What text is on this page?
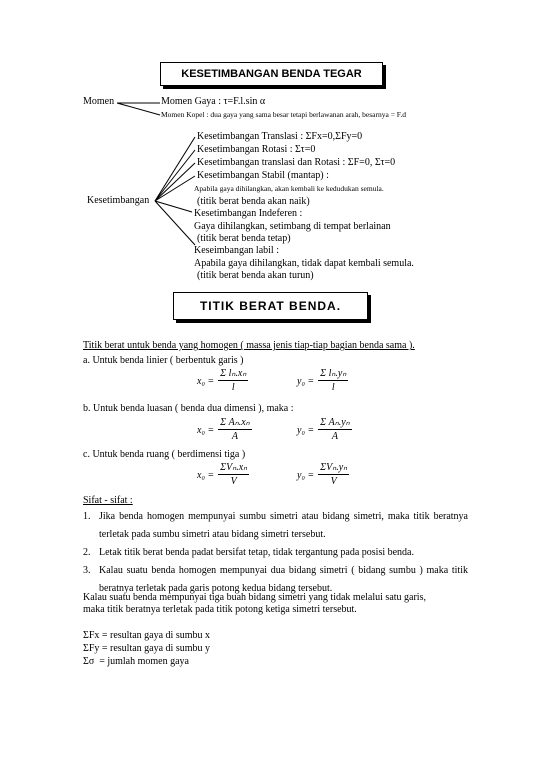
KESETIMBANGAN BENDA TEGAR
Momen	Momen Gaya : τ=F.l.sin α
Momen Kopel : dua gaya yang sama besar tetapi berlawanan arah, besarnya = F.d
Kesetimbangan
Kesetimbangan Translasi : ΣFx=0,ΣFy=0
Kesetimbangan Rotasi : Στ=0
Kesetimbangan translasi dan Rotasi : ΣF=0, Στ=0
Kesetimbangan Stabil (mantap) :
Apabila gaya dihilangkan, akan kembali ke kedudukan semula.
(titik berat benda akan naik)
Kesetimbangan Indeferen :
Gaya dihilangkan, setimbang di tempat berlainan
(titik berat benda tetap)
Keseimbangan labil :
Apabila gaya dihilangkan, tidak dapat kembali semula.
(titik berat benda akan turun)
TITIK BERAT BENDA.
Titik berat untuk benda yang homogen ( massa jenis tiap-tiap bagian benda sama ).
a. Untuk benda linier ( berbentuk garis )
$x_0 = \frac{\text{Σ lₙ.xₙ}}{l}$	$y_0 = \frac{\text{Σ lₙ.yₙ}}{l}$
b. Untuk benda luasan ( benda dua dimensi ), maka :
$x_0 = \frac{\text{Σ Aₙ.xₙ}}{A}$	$y_0 = \frac{\text{Σ Aₙ.yₙ}}{A}$
c. Untuk benda ruang ( berdimensi tiga )
$x_0 = \frac{\text{ΣVₙ.xₙ}}{V}$	$y_0 = \frac{\text{ΣVₙ.yₙ}}{V}$
Sifat - sifat :
1. Jika benda homogen mempunyai sumbu simetri atau bidang simetri, maka titik beratnya terletak pada sumbu simetri atau bidang simetri tersebut.
2. Letak titik berat benda padat bersifat tetap, tidak tergantung pada posisi benda.
3. Kalau suatu benda homogen mempunyai dua bidang simetri ( bidang sumbu ) maka titik beratnya terletak pada garis potong kedua bidang tersebut.
Kalau suatu benda mempunyai tiga buah bidang simetri yang tidak melalui satu garis,
maka titik beratnya terletak pada titik potong ketiga simetri tersebut.
ΣFx = resultan gaya di sumbu x
ΣFy = resultan gaya di sumbu y
Σσ  = jumlah momen gaya
